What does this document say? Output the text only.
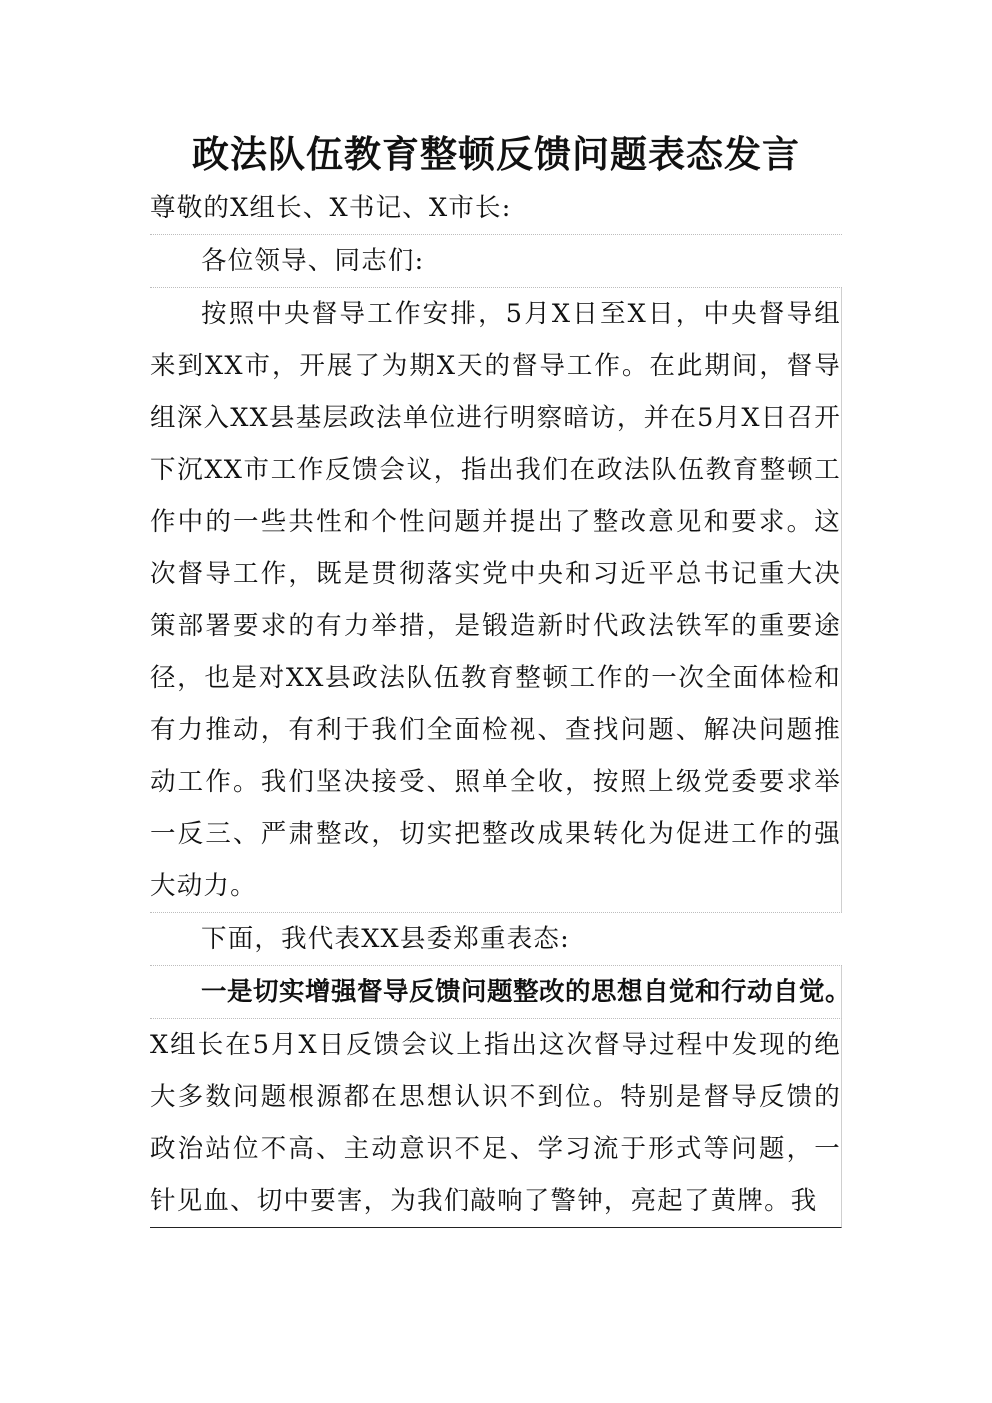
政法队伍教育整顿反馈问题表态发言

尊敬的X组长、X书记、X市长:

各位领导、同志们:

按照中央督导工作安排，5月X日至X日，中央督导组来到XX市，开展了为期X天的督导工作。在此期间，督导组深入XX县基层政法单位进行明察暗访，并在5月X日召开下沉XX市工作反馈会议，指出我们在政法队伍教育整顿工作中的一些共性和个性问题并提出了整改意见和要求。这次督导工作，既是贯彻落实党中央和习近平总书记重大决策部署要求的有力举措，是锻造新时代政法铁军的重要途径，也是对XX县政法队伍教育整顿工作的一次全面体检和有力推动，有利于我们全面检视、查找问题、解决问题推动工作。我们坚决接受、照单全收，按照上级党委要求举一反三、严肃整改，切实把整改成果转化为促进工作的强大动力。

下面，我代表XX县委郑重表态:

一是切实增强督导反馈问题整改的思想自觉和行动自觉。

X组长在5月X日反馈会议上指出这次督导过程中发现的绝大多数问题根源都在思想认识不到位。特别是督导反馈的政治站位不高、主动意识不足、学习流于形式等问题，一针见血、切中要害，为我们敲响了警钟，亮起了黄牌。我
